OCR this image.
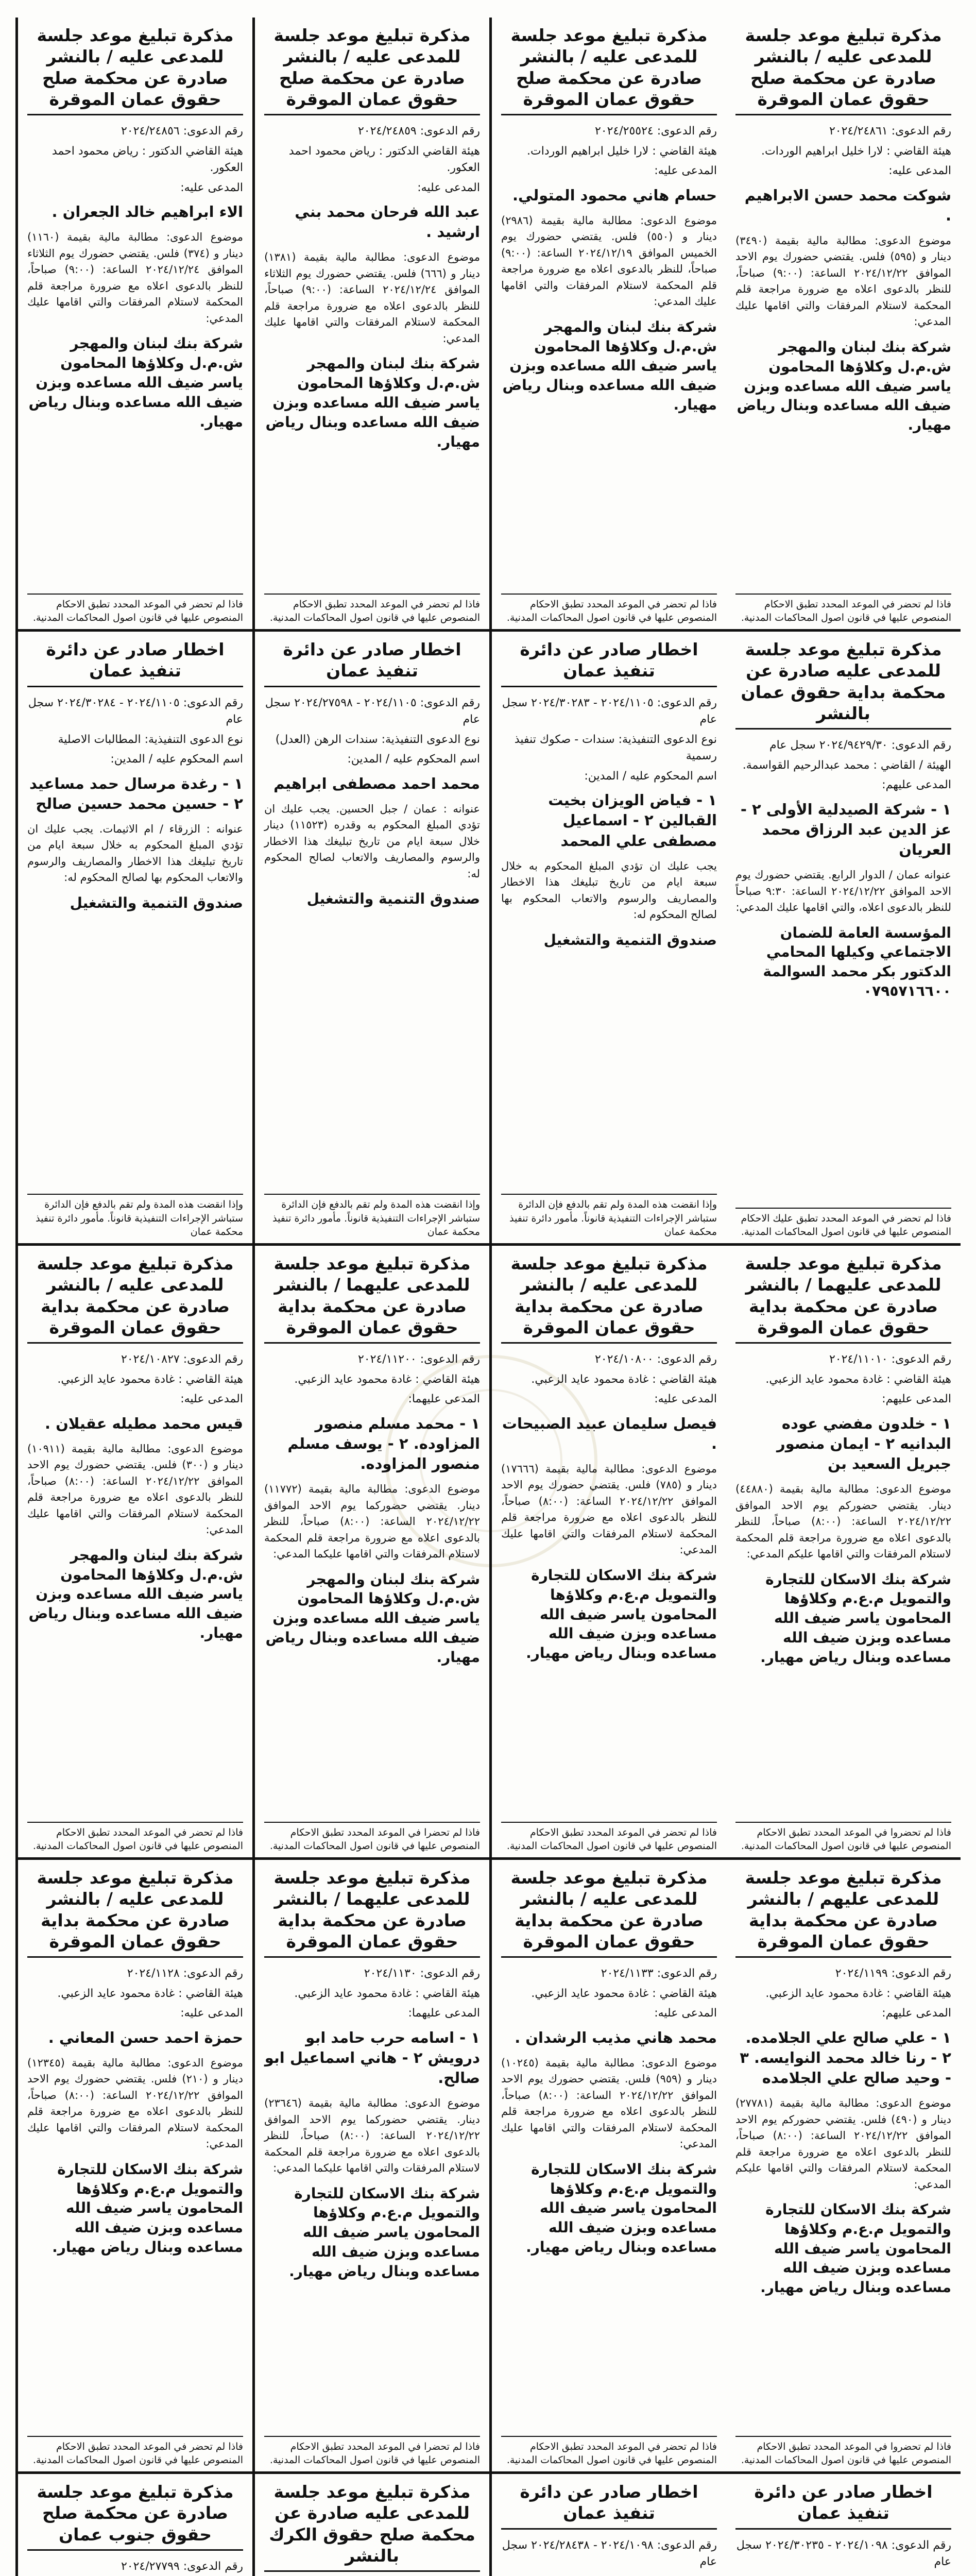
مذكرة تبليغ موعد جلسة للمدعى عليه / بالنشر صادرة عن محكمة صلح حقوق عمان الموقرة
رقم الدعوى: ٢٠٢٤/٢٤٨٦١
هيئة القاضي : لارا خليل ابراهيم الوردات.
المدعى عليه:
شوكت محمد حسن الابراهيم .
موضوع الدعوى: مطالبة مالية بقيمة (٣٤٩٠) دينار و (٥٩٥) فلس. يقتضي حضورك يوم الاحد الموافق ٢٠٢٤/١٢/٢٢ الساعة: (٩:٠٠) صباحاً، للنظر بالدعوى اعلاه مع ضرورة مراجعة قلم المحكمة لاستلام المرفقات والتي اقامها عليك المدعي:
شركة بنك لبنان والمهجر ش.م.ل وكلاؤها المحامون ياسر ضيف الله مساعده وبزن ضيف الله مساعده وبنال رياض مهيار.
فاذا لم تحضر في الموعد المحدد تطبق الاحكام المنصوص عليها في قانون اصول المحاكمات المدنية.
مذكرة تبليغ موعد جلسة للمدعى عليه / بالنشر صادرة عن محكمة صلح حقوق عمان الموقرة
رقم الدعوى: ٢٠٢٤/٢٥٥٢٤
هيئة القاضي : لارا خليل ابراهيم الوردات.
المدعى عليه:
حسام هاني محمود المتولي.
موضوع الدعوى: مطالبة مالية بقيمة (٢٩٨٦) دينار و (٥٥٠) فلس. يقتضي حضورك يوم الخميس الموافق ٢٠٢٤/١٢/١٩ الساعة: (٩:٠٠) صباحاً، للنظر بالدعوى اعلاه مع ضرورة مراجعة قلم المحكمة لاستلام المرفقات والتي اقامها عليك المدعي:
شركة بنك لبنان والمهجر ش.م.ل وكلاؤها المحامون ياسر ضيف الله مساعده وبزن ضيف الله مساعده وبنال رياض مهيار.
فاذا لم تحضر في الموعد المحدد تطبق الاحكام المنصوص عليها في قانون اصول المحاكمات المدنية.
مذكرة تبليغ موعد جلسة للمدعى عليه / بالنشر صادرة عن محكمة صلح حقوق عمان الموقرة
رقم الدعوى: ٢٠٢٤/٢٤٨٥٩
هيئة القاضي الدكتور : رياض محمود احمد العكور.
المدعى عليه:
عبد الله فرحان محمد بني ارشيد .
موضوع الدعوى: مطالبة مالية بقيمة (١٣٨١) دينار و (٦٦٦) فلس. يقتضي حضورك يوم الثلاثاء الموافق ٢٠٢٤/١٢/٢٤ الساعة: (٩:٠٠) صباحاً، للنظر بالدعوى اعلاه مع ضرورة مراجعة قلم المحكمة لاستلام المرفقات والتي اقامها عليك المدعي:
شركة بنك لبنان والمهجر ش.م.ل وكلاؤها المحامون ياسر ضيف الله مساعده وبزن ضيف الله مساعده وبنال رياض مهيار.
فاذا لم تحضر في الموعد المحدد تطبق الاحكام المنصوص عليها في قانون اصول المحاكمات المدنية.
مذكرة تبليغ موعد جلسة للمدعى عليه / بالنشر صادرة عن محكمة صلح حقوق عمان الموقرة
رقم الدعوى: ٢٠٢٤/٢٤٨٥٦
هيئة القاضي الدكتور : رياض محمود احمد العكور.
المدعى عليه:
الاء ابراهيم خالد الجعران .
موضوع الدعوى: مطالبة مالية بقيمة (١١٦٠) دينار و (٣٧٤) فلس. يقتضي حضورك يوم الثلاثاء الموافق ٢٠٢٤/١٢/٢٤ الساعة: (٩:٠٠) صباحاً، للنظر بالدعوى اعلاه مع ضرورة مراجعة قلم المحكمة لاستلام المرفقات والتي اقامها عليك المدعي:
شركة بنك لبنان والمهجر ش.م.ل وكلاؤها المحامون ياسر ضيف الله مساعده وبزن ضيف الله مساعده وبنال رياض مهيار.
فاذا لم تحضر في الموعد المحدد تطبق الاحكام المنصوص عليها في قانون اصول المحاكمات المدنية.
مذكرة تبليغ موعد جلسة للمدعى عليه صادرة عن محكمة بداية حقوق عمان بالنشر
رقم الدعوى: ٢٠٢٤/٩٤٢٩/٣٠ سجل عام
الهيئة / القاضي : محمد عبدالرحيم القواسمة.
المدعى عليهم:
١ - شركة الصيدلية الأولى ٢ - عز الدين عبد الرزاق محمد العريان
عنوانه عمان / الدوار الرابع. يقتضي حضورك يوم الاحد الموافق ٢٠٢٤/١٢/٢٢ الساعة: ٩:٣٠ صباحاً للنظر بالدعوى اعلاه، والتي اقامها عليك المدعي:
المؤسسة العامة للضمان الاجتماعي وكيلها المحامي الدكتور بكر محمد السوالمة ٠٧٩٥٧١٦٦٠٠
فاذا لم تحضر في الموعد المحدد تطبق عليك الاحكام المنصوص عليها في قانون اصول المحاكمات المدنية.
اخطار صادر عن دائرة تنفيذ عمان
رقم الدعوى: ٢٠٢٤/١١٠٥ - ٢٠٢٤/٣٠٢٨٣ سجل عام
نوع الدعوى التنفيذية: سندات - صكوك تنفيذ رسمية
اسم المحكوم عليه / المدين:
١ - فياض الويزان بخيت القبالين ٢ - اسماعيل مصطفى علي المحمد
يجب عليك ان تؤدي المبلغ المحكوم به خلال سبعة ايام من تاريخ تبليغك هذا الاخطار والمصاريف والرسوم والاتعاب المحكوم بها لصالح المحكوم له:
صندوق التنمية والتشغيل
وإذا انقضت هذه المدة ولم تقم بالدفع فإن الدائرة ستباشر الإجراءات التنفيذية قانوناً. مأمور دائرة تنفيذ محكمة عمان
اخطار صادر عن دائرة تنفيذ عمان
رقم الدعوى: ٢٠٢٤/١١٠٥ - ٢٠٢٤/٢٧٥٩٨ سجل عام
نوع الدعوى التنفيذية: سندات الرهن (العدل)
اسم المحكوم عليه / المدين:
محمد احمد مصطفى ابراهيم
عنوانه : عمان / جبل الحسين. يجب عليك ان تؤدي المبلغ المحكوم به وقدره (١١٥٢٣) دينار خلال سبعة ايام من تاريخ تبليغك هذا الاخطار والرسوم والمصاريف والاتعاب لصالح المحكوم له:
صندوق التنمية والتشغيل
وإذا انقضت هذه المدة ولم تقم بالدفع فإن الدائرة ستباشر الإجراءات التنفيذية قانوناً. مأمور دائرة تنفيذ محكمة عمان
اخطار صادر عن دائرة تنفيذ عمان
رقم الدعوى: ٢٠٢٤/١١٠٥ - ٢٠٢٤/٣٠٢٨٤ سجل عام
نوع الدعوى التنفيذية: المطالبات الاصلية
اسم المحكوم عليه / المدين:
١ - رغدة مرسال حمد مساعيد ٢ - حسين محمد حسين صالح
عنوانه : الزرقاء / ام الاثيمات. يجب عليك ان تؤدي المبلغ المحكوم به خلال سبعة ايام من تاريخ تبليغك هذا الاخطار والمصاريف والرسوم والاتعاب المحكوم بها لصالح المحكوم له:
صندوق التنمية والتشغيل
وإذا انقضت هذه المدة ولم تقم بالدفع فإن الدائرة ستباشر الإجراءات التنفيذية قانوناً. مأمور دائرة تنفيذ محكمة عمان
مذكرة تبليغ موعد جلسة للمدعى عليهما / بالنشر صادرة عن محكمة بداية حقوق عمان الموقرة
رقم الدعوى: ٢٠٢٤/١١٠١٠
هيئة القاضي : غادة محمود عايد الزعبي.
المدعى عليهم:
١ - خلدون مفضي عوده البدانيه ٢ - ايمان منصور جبريل السعيد بن
موضوع الدعوى: مطالبة مالية بقيمة (٤٤٨٨٠) دينار. يقتضي حضوركم يوم الاحد الموافق ٢٠٢٤/١٢/٢٢ الساعة: (٨:٠٠) صباحاً، للنظر بالدعوى اعلاه مع ضرورة مراجعة قلم المحكمة لاستلام المرفقات والتي اقامها عليكم المدعي:
شركة بنك الاسكان للتجارة والتمويل م.ع.م وكلاؤها المحامون ياسر ضيف الله مساعده وبزن ضيف الله مساعده وبنال رياض مهيار.
فاذا لم تحضروا في الموعد المحدد تطبق الاحكام المنصوص عليها في قانون اصول المحاكمات المدنية.
مذكرة تبليغ موعد جلسة للمدعى عليه / بالنشر صادرة عن محكمة بداية حقوق عمان الموقرة
رقم الدعوى: ٢٠٢٤/١٠٨٠٠
هيئة القاضي : غادة محمود عايد الزعبي.
المدعى عليه:
فيصل سليمان عبيد الصبيحات .
موضوع الدعوى: مطالبة مالية بقيمة (١٧٦٦٦) دينار و (٧٨٥) فلس. يقتضي حضورك يوم الاحد الموافق ٢٠٢٤/١٢/٢٢ الساعة: (٨:٠٠) صباحاً، للنظر بالدعوى اعلاه مع ضرورة مراجعة قلم المحكمة لاستلام المرفقات والتي اقامها عليك المدعي:
شركة بنك الاسكان للتجارة والتمويل م.ع.م وكلاؤها المحامون ياسر ضيف الله مساعده وبزن ضيف الله مساعده وبنال رياض مهيار.
فاذا لم تحضر في الموعد المحدد تطبق الاحكام المنصوص عليها في قانون اصول المحاكمات المدنية.
مذكرة تبليغ موعد جلسة للمدعى عليهما / بالنشر صادرة عن محكمة بداية حقوق عمان الموقرة
رقم الدعوى: ٢٠٢٤/١١٢٠٠
هيئة القاضي : غادة محمود عايد الزعبي.
المدعى عليهما:
١ - محمد مسلم منصور المزاوده. ٢ - يوسف مسلم منصور المزاوده.
موضوع الدعوى: مطالبة مالية بقيمة (١١٧٧٢) دينار. يقتضي حضوركما يوم الاحد الموافق ٢٠٢٤/١٢/٢٢ الساعة: (٨:٠٠) صباحاً، للنظر بالدعوى اعلاه مع ضرورة مراجعة قلم المحكمة لاستلام المرفقات والتي اقامها عليكما المدعي:
شركة بنك لبنان والمهجر ش.م.ل وكلاؤها المحامون ياسر ضيف الله مساعده وبزن ضيف الله مساعده وبنال رياض مهيار.
فاذا لم تحضرا في الموعد المحدد تطبق الاحكام المنصوص عليها في قانون اصول المحاكمات المدنية.
مذكرة تبليغ موعد جلسة للمدعى عليه / بالنشر صادرة عن محكمة بداية حقوق عمان الموقرة
رقم الدعوى: ٢٠٢٤/١٠٨٢٧
هيئة القاضي : غادة محمود عايد الزعبي.
المدعى عليه:
قيس محمد مطيله عقيلان .
موضوع الدعوى: مطالبة مالية بقيمة (١٠٩١١) دينار و (٣٠٠) فلس. يقتضي حضورك يوم الاحد الموافق ٢٠٢٤/١٢/٢٢ الساعة: (٨:٠٠) صباحاً، للنظر بالدعوى اعلاه مع ضرورة مراجعة قلم المحكمة لاستلام المرفقات والتي اقامها عليك المدعي:
شركة بنك لبنان والمهجر ش.م.ل وكلاؤها المحامون ياسر ضيف الله مساعده وبزن ضيف الله مساعده وبنال رياض مهيار.
فاذا لم تحضر في الموعد المحدد تطبق الاحكام المنصوص عليها في قانون اصول المحاكمات المدنية.
مذكرة تبليغ موعد جلسة للمدعى عليهم / بالنشر صادرة عن محكمة بداية حقوق عمان الموقرة
رقم الدعوى: ٢٠٢٤/١١٩٩
هيئة القاضي : غادة محمود عايد الزعبي.
المدعى عليهم:
١ - علي صالح علي الجلامده. ٢ - رنا خالد محمد النوايسه. ٣ - وحيد صالح علي الجلامده
موضوع الدعوى: مطالبة مالية بقيمة (٢٧٧٨١) دينار و (٤٩٠) فلس. يقتضي حضوركم يوم الاحد الموافق ٢٠٢٤/١٢/٢٢ الساعة: (٨:٠٠) صباحاً، للنظر بالدعوى اعلاه مع ضرورة مراجعة قلم المحكمة لاستلام المرفقات والتي اقامها عليكم المدعي:
شركة بنك الاسكان للتجارة والتمويل م.ع.م وكلاؤها المحامون ياسر ضيف الله مساعده وبزن ضيف الله مساعده وبنال رياض مهيار.
فاذا لم تحضروا في الموعد المحدد تطبق الاحكام المنصوص عليها في قانون اصول المحاكمات المدنية.
مذكرة تبليغ موعد جلسة للمدعى عليه / بالنشر صادرة عن محكمة بداية حقوق عمان الموقرة
رقم الدعوى: ٢٠٢٤/١١٣٣
هيئة القاضي : غادة محمود عايد الزعبي.
المدعى عليه:
محمد هاني مذيب الرشدان .
موضوع الدعوى: مطالبة مالية بقيمة (١٠٢٤٥) دينار و (٩٥٩) فلس. يقتضي حضورك يوم الاحد الموافق ٢٠٢٤/١٢/٢٢ الساعة: (٨:٠٠) صباحاً، للنظر بالدعوى اعلاه مع ضرورة مراجعة قلم المحكمة لاستلام المرفقات والتي اقامها عليك المدعي:
شركة بنك الاسكان للتجارة والتمويل م.ع.م وكلاؤها المحامون ياسر ضيف الله مساعده وبزن ضيف الله مساعده وبنال رياض مهيار.
فاذا لم تحضر في الموعد المحدد تطبق الاحكام المنصوص عليها في قانون اصول المحاكمات المدنية.
مذكرة تبليغ موعد جلسة للمدعى عليهما / بالنشر صادرة عن محكمة بداية حقوق عمان الموقرة
رقم الدعوى: ٢٠٢٤/١١٣٠
هيئة القاضي : غادة محمود عايد الزعبي.
المدعى عليهما:
١ - اسامه حرب حامد ابو درويش ٢ - هاني اسماعيل ابو صالح.
موضوع الدعوى: مطالبة مالية بقيمة (٢٣٦٤٦) دينار. يقتضي حضوركما يوم الاحد الموافق ٢٠٢٤/١٢/٢٢ الساعة: (٨:٠٠) صباحاً، للنظر بالدعوى اعلاه مع ضرورة مراجعة قلم المحكمة لاستلام المرفقات والتي اقامها عليكما المدعي:
شركة بنك الاسكان للتجارة والتمويل م.ع.م وكلاؤها المحامون ياسر ضيف الله مساعده وبزن ضيف الله مساعده وبنال رياض مهيار.
فاذا لم تحضرا في الموعد المحدد تطبق الاحكام المنصوص عليها في قانون اصول المحاكمات المدنية.
مذكرة تبليغ موعد جلسة للمدعى عليه / بالنشر صادرة عن محكمة بداية حقوق عمان الموقرة
رقم الدعوى: ٢٠٢٤/١١٢٨
هيئة القاضي : غادة محمود عايد الزعبي.
المدعى عليه:
حمزة احمد حسن المعاني .
موضوع الدعوى: مطالبة مالية بقيمة (١٢٣٤٥) دينار و (٢١٠) فلس. يقتضي حضورك يوم الاحد الموافق ٢٠٢٤/١٢/٢٢ الساعة: (٨:٠٠) صباحاً، للنظر بالدعوى اعلاه مع ضرورة مراجعة قلم المحكمة لاستلام المرفقات والتي اقامها عليك المدعي:
شركة بنك الاسكان للتجارة والتمويل م.ع.م وكلاؤها المحامون ياسر ضيف الله مساعده وبزن ضيف الله مساعده وبنال رياض مهيار.
فاذا لم تحضر في الموعد المحدد تطبق الاحكام المنصوص عليها في قانون اصول المحاكمات المدنية.
اخطار صادر عن دائرة تنفيذ عمان
رقم الدعوى: ٢٠٢٤/١٠٩٨ - ٢٠٢٤/٣٠٢٣٥ سجل عام
اخطار صادر عن دائرة تنفيذ عمان
رقم الدعوى: ٢٠٢٤/١٠٩٨ - ٢٠٢٤/٢٨٤٣٨ سجل عام
مذكرة تبليغ موعد جلسة للمدعى عليه صادرة عن محكمة صلح حقوق الكرك بالنشر
مذكرة تبليغ موعد جلسة صادرة عن محكمة صلح حقوق جنوب عمان
رقم الدعوى: ٢٠٢٤/٢٧٧٩٩
